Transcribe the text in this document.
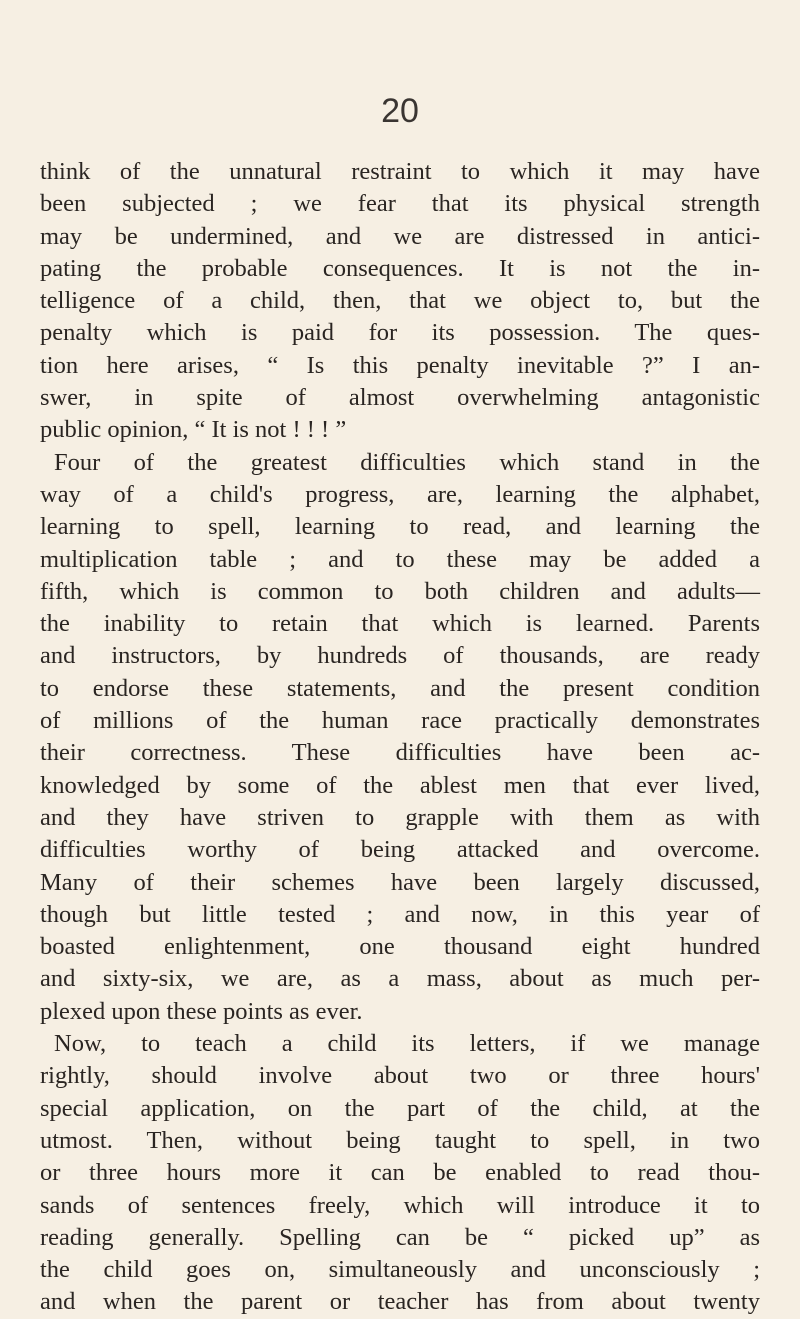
20
think of the unnatural restraint to which it may have
been subjected ; we fear that its physical strength
may be undermined, and we are distressed in antici-
pating the probable consequences. It is not the in-
telligence of a child, then, that we object to, but the
penalty which is paid for its possession. The ques-
tion here arises, “ Is this penalty inevitable ?” I an-
swer, in spite of almost overwhelming antagonistic
public opinion, “ It is not ! ! ! ”
Four of the greatest difficulties which stand in the
way of a child's progress, are, learning the alphabet,
learning to spell, learning to read, and learning the
multiplication table ; and to these may be added a
fifth, which is common to both children and adults—
the inability to retain that which is learned. Parents
and instructors, by hundreds of thousands, are ready
to endorse these statements, and the present condition
of millions of the human race practically demonstrates
their correctness. These difficulties have been ac-
knowledged by some of the ablest men that ever lived,
and they have striven to grapple with them as with
difficulties worthy of being attacked and overcome.
Many of their schemes have been largely discussed,
though but little tested ; and now, in this year of
boasted enlightenment, one thousand eight hundred
and sixty-six, we are, as a mass, about as much per-
plexed upon these points as ever.
Now, to teach a child its letters, if we manage
rightly, should involve about two or three hours'
special application, on the part of the child, at the
utmost. Then, without being taught to spell, in two
or three hours more it can be enabled to read thou-
sands of sentences freely, which will introduce it to
reading generally. Spelling can be “ picked up” as
the child goes on, simultaneously and unconsciously ;
and when the parent or teacher has from about twenty
